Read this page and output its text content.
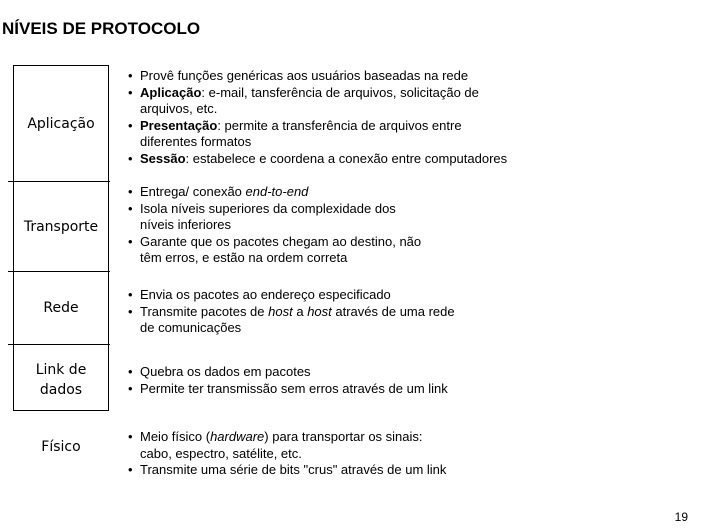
NÍVEIS DE PROTOCOLO
Aplicação
Transporte
Rede
Link de
dados
Físico
• Provê funções genéricas aos usuários baseadas na rede
• Aplicação: e-mail, tansferência de arquivos, solicitação de
arquivos, etc.
• Presentação: permite a transferência de arquivos entre
diferentes formatos
• Sessão: estabelece e coordena a conexão entre computadores
• Entrega/ conexão end-to-end
• Isola níveis superiores da complexidade dos
níveis inferiores
• Garante que os pacotes chegam ao destino, não
têm erros, e estão na ordem correta
• Envia os pacotes ao endereço especificado
• Transmite pacotes de host a host através de uma rede
de comunicações
• Quebra os dados em pacotes
• Permite ter transmissão sem erros através de um link
• Meio físico (hardware) para transportar os sinais:
cabo, espectro, satélite, etc.
• Transmite uma série de bits "crus" através de um link
19
